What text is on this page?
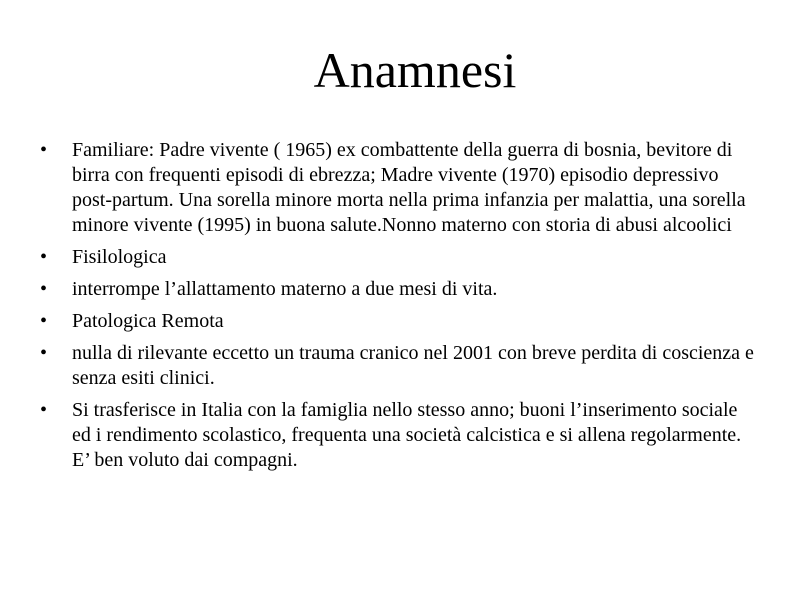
Anamnesi
•	Familiare: Padre vivente ( 1965) ex combattente della guerra di bosnia, bevitore di birra con frequenti episodi di ebrezza; Madre vivente (1970) episodio depressivo post-partum. Una sorella minore morta nella prima infanzia per malattia, una sorella minore vivente (1995) in buona salute.Nonno materno con storia di abusi alcoolici
•	Fisilologica
•	interrompe l’allattamento materno a due mesi di vita.
•	Patologica Remota
•	nulla di rilevante eccetto un trauma cranico nel 2001 con breve perdita di coscienza e senza esiti clinici.
•	Si trasferisce in Italia con la famiglia nello stesso anno; buoni l’inserimento sociale ed i rendimento scolastico, frequenta una società calcistica e si allena regolarmente. E’ ben voluto dai compagni.
